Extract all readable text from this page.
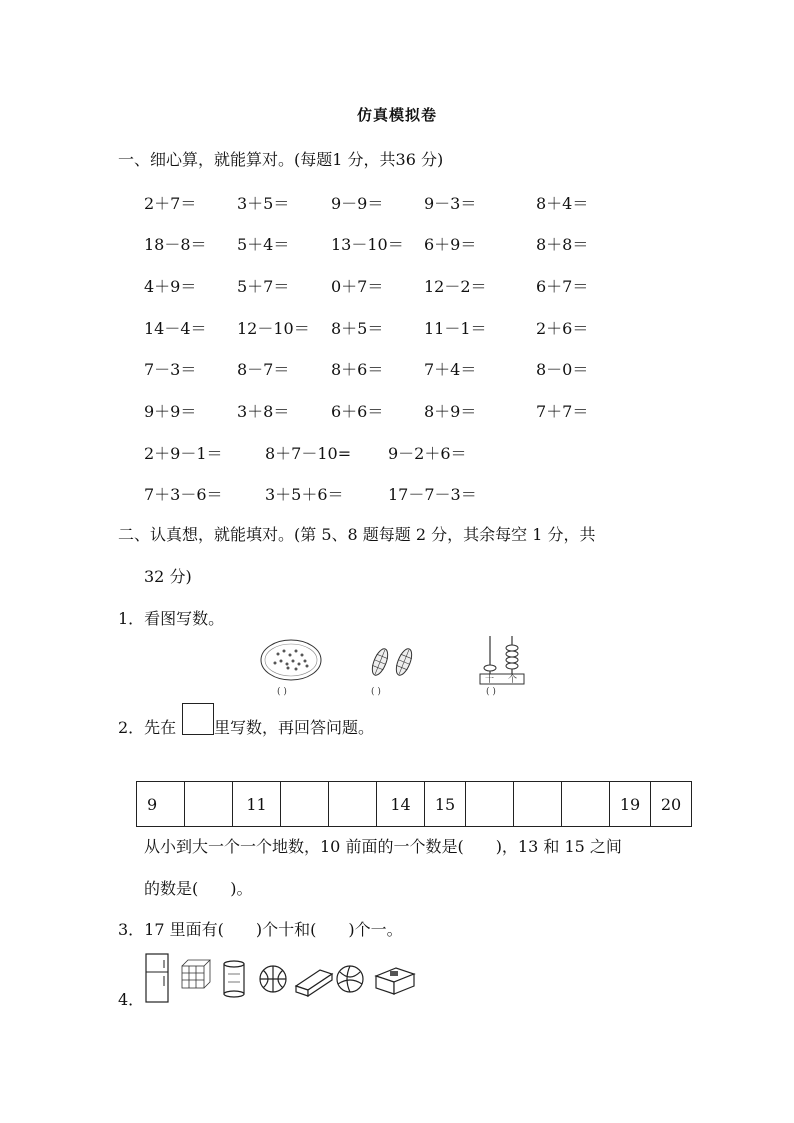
仿真模拟卷
一、细心算，就能算对。(每题1 分，共36 分)
2＋7＝	3＋5＝	9－9＝	9－3＝	8＋4＝
18－8＝ 5＋4＝	13－10＝ 6＋9＝	8＋8＝
4＋9＝	5＋7＝	0＋7＝	12－2＝	6＋7＝
14－4＝ 12－10＝ 8＋5＝	11－1＝	2＋6＝
7－3＝	8－7＝	8＋6＝	7＋4＝	8－0＝
9＋9＝	3＋8＝	6＋6＝	8＋9＝	7＋7＝
2＋9－1＝	8＋7－10= 9－2＋6＝
7＋3－6＝	3＋5＋6＝	17－7－3＝
二、认真想，就能填对。(第 5、8 题每题 2 分，其余每空 1 分，共
32 分)
1．看图写数。
( )	( )
十 个
( )
2．先在 里写数，再回答问题。
9		11			14	15				19	20
从小到大一个一个地数，10 前面的一个数是(　　)，13 和 15 之间
的数是(　　)。
3．17 里面有(　　)个十和(　　)个一。
4．
